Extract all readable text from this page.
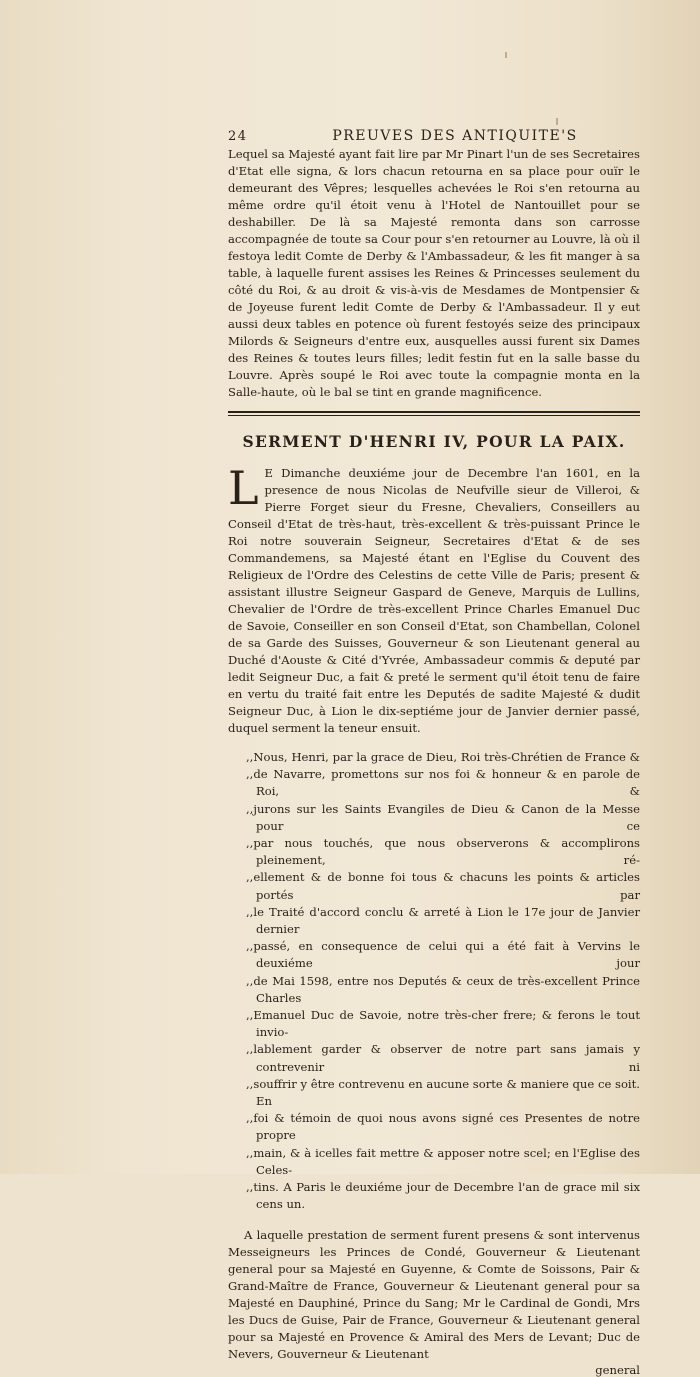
24	PREUVES DES ANTIQUITE'S

Lequel sa Majesté ayant fait lire par Mr Pinart l'un de ses Secretaires d'Etat elle signa, & lors chacun retourna en sa place pour ouïr le demeurant des Vêpres; lesquelles achevées le Roi s'en retourna au même ordre qu'il étoit venu à l'Hotel de Nantouillet pour se deshabiller. De là sa Majesté remonta dans son carrosse accompagnée de toute sa Cour pour s'en retourner au Louvre, là où il festoya ledit Comte de Derby & l'Ambassadeur, & les fit manger à sa table, à laquelle furent assises les Reines & Princesses seulement du côté du Roi, & au droit & vis-à-vis de Mesdames de Montpensier & de Joyeuse furent ledit Comte de Derby & l'Ambassadeur. Il y eut aussi deux tables en potence où furent festoyés seize des principaux Milords & Seigneurs d'entre eux, ausquelles aussi furent six Dames des Reines & toutes leurs filles; ledit festin fut en la salle basse du Louvre. Après soupé le Roi avec toute la compagnie monta en la Salle-haute, où le bal se tint en grande magnificence.

SERMENT D'HENRI IV, POUR LA PAIX.

L E Dimanche deuxiéme jour de Decembre l'an 1601, en la presence de nous Nicolas de Neufville sieur de Villeroi, & Pierre Forget sieur du Fresne, Chevaliers, Conseillers au Conseil d'Etat de très-haut, très-excellent & très-puissant Prince le Roi notre souverain Seigneur, Secretaires d'Etat & de ses Commandemens, sa Majesté étant en l'Eglise du Couvent des Religieux de l'Ordre des Celestins de cette Ville de Paris; present & assistant illustre Seigneur Gaspard de Geneve, Marquis de Lullins, Chevalier de l'Ordre de très-excellent Prince Charles Emanuel Duc de Savoie, Conseiller en son Conseil d'Etat, son Chambellan, Colonel de sa Garde des Suisses, Gouverneur & son Lieutenant general au Duché d'Aouste & Cité d'Yvrée, Ambassadeur commis & deputé par ledit Seigneur Duc, a fait & preté le serment qu'il étoit tenu de faire en vertu du traité fait entre les Deputés de sadite Majesté & dudit Seigneur Duc, à Lion le dix-septiéme jour de Janvier dernier passé, duquel serment la teneur ensuit.

,,Nous, Henri, par la grace de Dieu, Roi très-Chrétien de France &

,,de Navarre, promettons sur nos foi & honneur & en parole de Roi, &

,,jurons sur les Saints Evangiles de Dieu & Canon de la Messe pour ce

,,par nous touchés, que nous observerons & accomplirons pleinement, ré-

,,ellement & de bonne foi tous & chacuns les points & articles portés par

,,le Traité d'accord conclu & arreté à Lion le 17e jour de Janvier dernier

,,passé, en consequence de celui qui a été fait à Vervins le deuxiéme jour

,,de Mai 1598, entre nos Deputés & ceux de très-excellent Prince Charles

,,Emanuel Duc de Savoie, notre très-cher frere; & ferons le tout invio-

,,lablement garder & observer de notre part sans jamais y contrevenir ni

,,souffrir y être contrevenu en aucune sorte & maniere que ce soit. En

,,foi & témoin de quoi nous avons signé ces Presentes de notre propre

,,main, & à icelles fait mettre & apposer notre scel; en l'Eglise des Celes-

,,tins. A Paris le deuxiéme jour de Decembre l'an de grace mil six cens un.

A laquelle prestation de serment furent presens & sont intervenus Messeigneurs les Princes de Condé, Gouverneur & Lieutenant general pour sa Majesté en Guyenne, & Comte de Soissons, Pair & Grand-Maître de France, Gouverneur & Lieutenant general pour sa Majesté en Dauphiné, Prince du Sang; Mr le Cardinal de Gondi, Mrs les Ducs de Guise, Pair de France, Gouverneur & Lieutenant general pour sa Majesté en Provence & Amiral des Mers de Levant; Duc de Nevers, Gouverneur & Lieutenant

general
